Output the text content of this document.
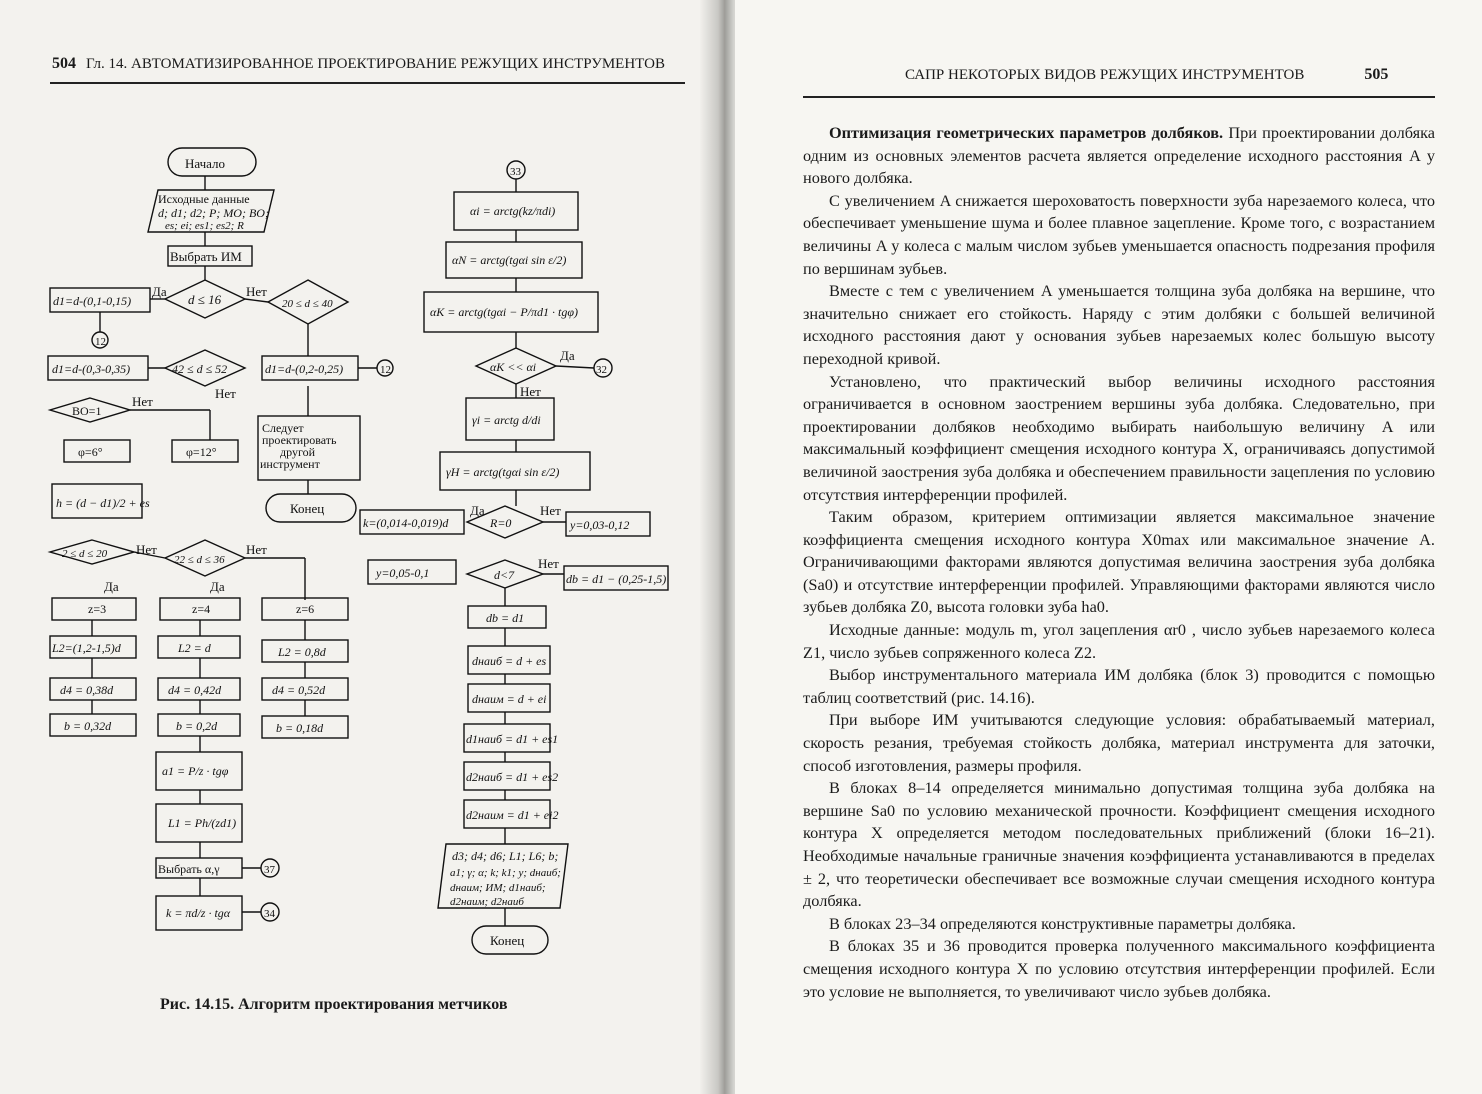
504 Гл. 14. АВТОМАТИЗИРОВАННОЕ ПРОЕКТИРОВАНИЕ РЕЖУЩИХ ИНСТРУМЕНТОВ
Начало
Исходные данные
d; d1; d2; P; MO; BO;
es; ei; es1; es2; R
Выбрать ИМ
d ≤ 16
Да	Нет
20 ≤ d ≤ 40
d1=d-(0,1-0,15)
12
d1=d-(0,3-0,35)	42 ≤ d ≤ 52
Нет
d1=d-(0,2-0,25)	12
BO=1
Нет
φ=6°	φ=12°
Следует
проектировать
другой
инструмент
Конец
h = (d − d1)/2 + es
2 ≤ d ≤ 20	22 ≤ d ≤ 36
Нет	Нет
Да	Да
z=3	z=4	z=6
L2=(1,2-1,5)d	L2 = d	L2 = 0,8d
d4 = 0,38d	d4 = 0,42d	d4 = 0,52d
b = 0,32d	b = 0,2d	b = 0,18d
a1 = P/z · tgφ
L1 = Ph/(zd1)
Выбрать α,γ	37
k = πd/z · tgα	34
33
αi = arctg(kz/πdi)
αN = arctg(tgαi sin ε/2)
αK = arctg(tgαi − P/πd1 · tgφ)
αK << αi
Да
32
Нет
γi = arctg d/di
γH = arctg(tgαi sin ε/2)
R=0
Да	Нет
k=(0,014-0,019)d	y=0,03-0,12
y=0,05-0,1	d<7
Нет
db = d1 − (0,25-1,5)
db = d1
dнаиб = d + es
dнаим = d + ei
d1наиб = d1 + es1
d2наиб = d1 + es2
d2наим = d1 + ei2
d3; d4; d6; L1; L6; b;
a1; γ; α; k; k1; y; dнаиб;
dнаим; ИМ; d1наиб;
d2наим; d2наиб
Конец
Рис. 14.15. Алгоритм проектирования метчиков
САПР НЕКОТОРЫХ ВИДОВ РЕЖУЩИХ ИНСТРУМЕНТОВ	505

Оптимизация геометрических параметров долбяков. При проектировании долбяка одним из основных элементов расчета является определение исходного расстояния A у нового долбяка.

С увеличением A снижается шероховатость поверхности зуба нарезаемого колеса, что обеспечивает уменьшение шума и более плавное зацепление. Кроме того, с возрастанием величины A у колеса с малым числом зубьев уменьшается опасность подрезания профиля по вершинам зубьев.

Вместе с тем с увеличением A уменьшается толщина зуба долбяка на вершине, что значительно снижает его стойкость. Наряду с этим долбяки с большей величиной исходного расстояния дают у основания зубьев нарезаемых колес большую высоту переходной кривой.

Установлено, что практический выбор величины исходного расстояния ограничивается в основном заострением вершины зуба долбяка. Следовательно, при проектировании долбяков необходимо выбирать наибольшую величину A или максимальный коэффициент смещения исходного контура X, ограничиваясь допустимой величиной заострения зуба долбяка и обеспечением правильности зацепления по условию отсутствия интерференции профилей.

Таким образом, критерием оптимизации является максимальное значение коэффициента смещения исходного контура X0max или максимальное значение A. Ограничивающими факторами являются допустимая величина заострения зуба долбяка (Sa0) и отсутствие интерференции профилей. Управляющими факторами являются число зубьев долбяка Z0, высота головки зуба ha0.

Исходные данные: модуль m, угол зацепления αr0 , число зубьев нарезаемого колеса Z1, число зубьев сопряженного колеса Z2.

Выбор инструментального материала ИМ долбяка (блок 3) проводится с помощью таблиц соответствий (рис. 14.16).

При выборе ИМ учитываются следующие условия: обрабатываемый материал, скорость резания, требуемая стойкость долбяка, материал инструмента для заточки, способ изготовления, размеры профиля.

В блоках 8–14 определяется минимально допустимая толщина зуба долбяка на вершине Sa0 по условию механической прочности. Коэффициент смещения исходного контура X определяется методом последовательных приближений (блоки 16–21). Необходимые начальные граничные значения коэффициента устанавливаются в пределах ± 2, что теоретически обеспечивает все возможные случаи смещения исходного контура долбяка.

В блоках 23–34 определяются конструктивные параметры долбяка.

В блоках 35 и 36 проводится проверка полученного максимального коэффициента смещения исходного контура X по условию отсутствия интерференции профилей. Если это условие не выполняется, то увеличивают число зубьев долбяка.
